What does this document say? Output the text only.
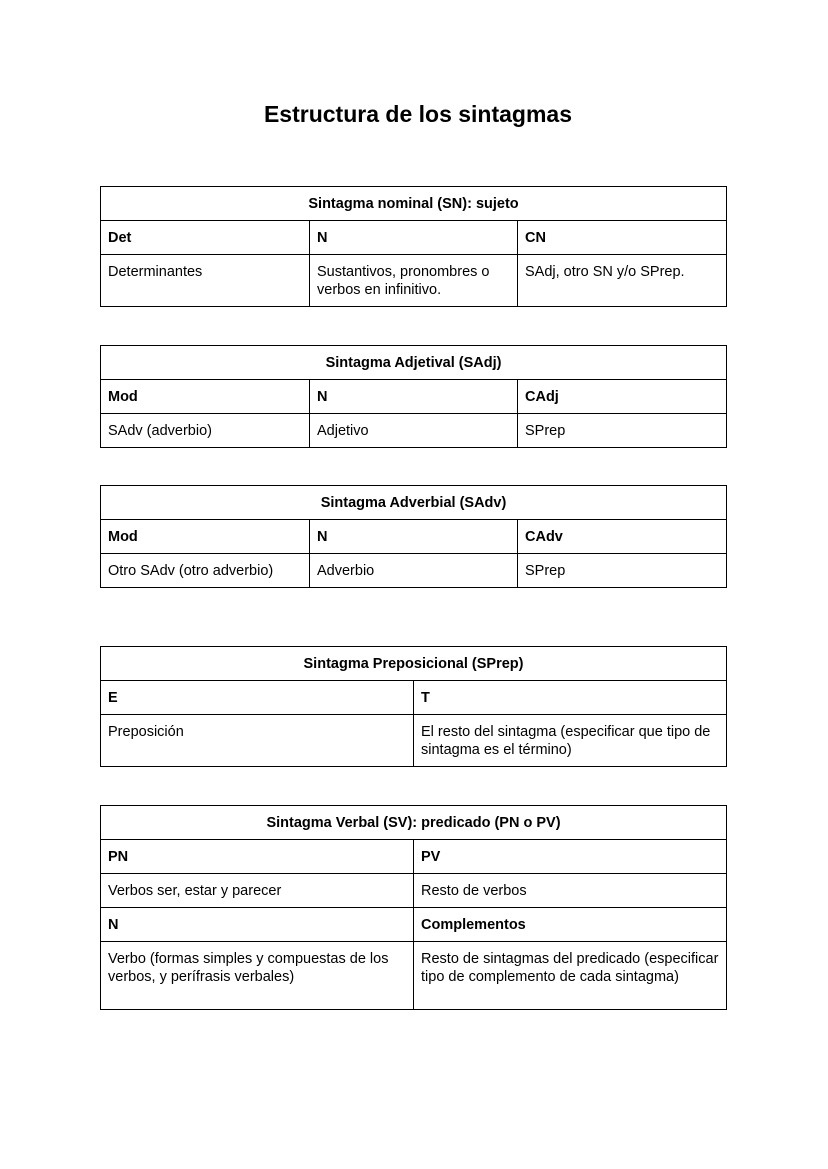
Estructura de los sintagmas
Sintagma nominal (SN): sujeto		
Det	N	CN
Determinantes	Sustantivos, pronombres o verbos en infinitivo.	SAdj, otro SN y/o SPrep.
Sintagma Adjetival (SAdj)		
Mod	N	CAdj
SAdv (adverbio)	Adjetivo	SPrep
Sintagma Adverbial (SAdv)		
Mod	N	CAdv
Otro SAdv (otro adverbio)	Adverbio	SPrep
Sintagma Preposicional (SPrep)	
E	T
Preposición	El resto del sintagma (especificar que tipo de sintagma es el término)
Sintagma Verbal (SV): predicado (PN o PV)	
PN	PV
Verbos ser, estar y parecer	Resto de verbos
N	Complementos
Verbo (formas simples y compuestas de los verbos, y perífrasis verbales)	Resto de sintagmas del predicado (especificar tipo de complemento de cada sintagma)
